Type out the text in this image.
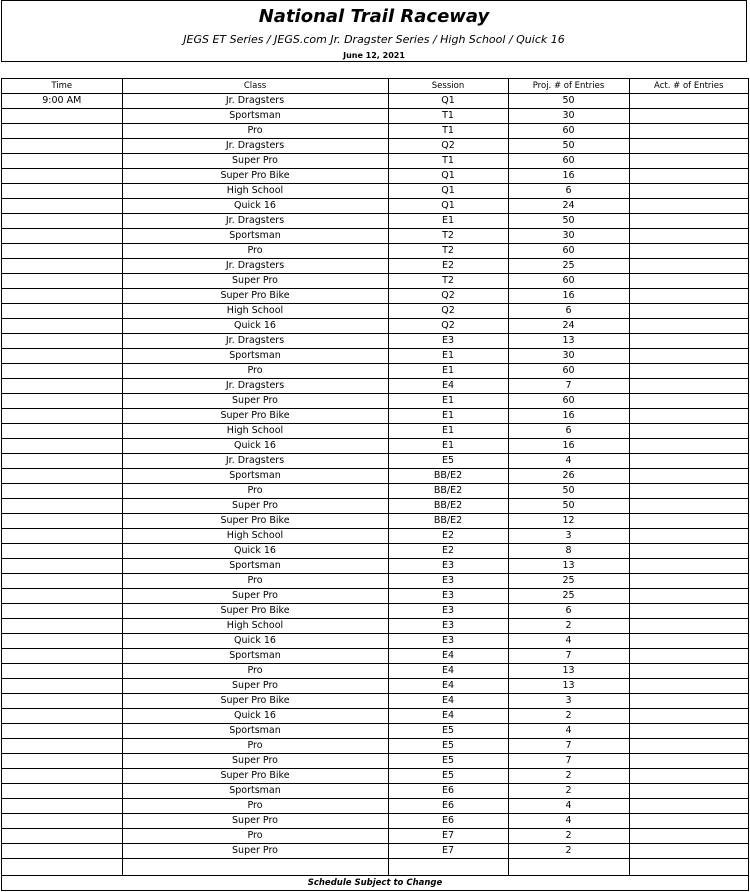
National Trail Raceway
JEGS ET Series / JEGS.com Jr. Dragster Series / High School / Quick 16
June 12, 2021
Time	Class	Session	Proj. # of Entries	Act. # of Entries
9:00 AM	Jr. Dragsters	Q1	50	
	Sportsman	T1	30	
	Pro	T1	60	
	Jr. Dragsters	Q2	50	
	Super Pro	T1	60	
	Super Pro Bike	Q1	16	
	High School	Q1	6	
	Quick 16	Q1	24	
	Jr. Dragsters	E1	50	
	Sportsman	T2	30	
	Pro	T2	60	
	Jr. Dragsters	E2	25	
	Super Pro	T2	60	
	Super Pro Bike	Q2	16	
	High School	Q2	6	
	Quick 16	Q2	24	
	Jr. Dragsters	E3	13	
	Sportsman	E1	30	
	Pro	E1	60	
	Jr. Dragsters	E4	7	
	Super Pro	E1	60	
	Super Pro Bike	E1	16	
	High School	E1	6	
	Quick 16	E1	16	
	Jr. Dragsters	E5	4	
	Sportsman	BB/E2	26	
	Pro	BB/E2	50	
	Super Pro	BB/E2	50	
	Super Pro Bike	BB/E2	12	
	High School	E2	3	
	Quick 16	E2	8	
	Sportsman	E3	13	
	Pro	E3	25	
	Super Pro	E3	25	
	Super Pro Bike	E3	6	
	High School	E3	2	
	Quick 16	E3	4	
	Sportsman	E4	7	
	Pro	E4	13	
	Super Pro	E4	13	
	Super Pro Bike	E4	3	
	Quick 16	E4	2	
	Sportsman	E5	4	
	Pro	E5	7	
	Super Pro	E5	7	
	Super Pro Bike	E5	2	
	Sportsman	E6	2	
	Pro	E6	4	
	Super Pro	E6	4	
	Pro	E7	2	
	Super Pro	E7	2	

Schedule Subject to Change
